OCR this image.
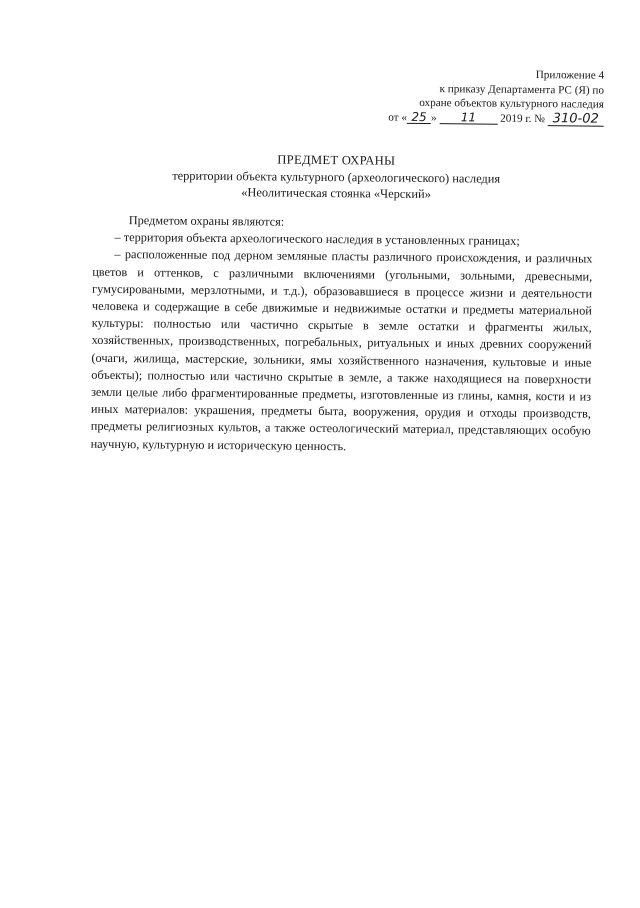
Приложение 4
к приказу Департамента РС (Я) по
охране объектов культурного наследия
от « 25 » 11 2019 г. № 310-02
ПРЕДМЕТ ОХРАНЫ
территории объекта культурного (археологического) наследия
«Неолитическая стоянка «Черский»

Предметом охраны являются:

– территория объекта археологического наследия в установленных границах;

– расположенные под дерном земляные пласты различного происхождения, и различных цветов и оттенков, с различными включениями (угольными, зольными, древесными, гумусироваными, мерзлотными, и т.д.), образовавшиеся в процессе жизни и деятельности человека и содержащие в себе движимые и недвижимые остатки и предметы материальной культуры: полностью или частично скрытые в земле остатки и фрагменты жилых, хозяйственных, производственных, погребальных, ритуальных и иных древних сооружений (очаги, жилища, мастерские, зольники, ямы хозяйственного назначения, культовые и иные объекты); полностью или частично скрытые в земле, а также находящиеся на поверхности земли целые либо фрагментированные предметы, изготовленные из глины, камня, кости и из иных материалов: украшения, предметы быта, вооружения, орудия и отходы производств, предметы религиозных культов, а также остеологический материал, представляющих особую научную, культурную и историческую ценность.
